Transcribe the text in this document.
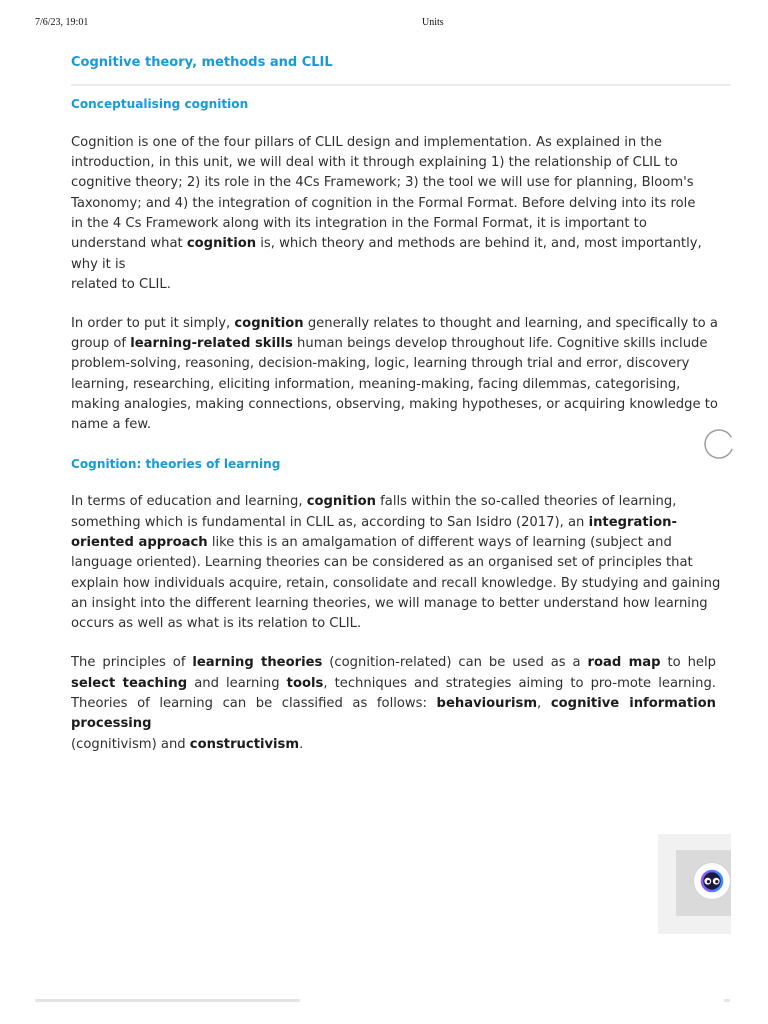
7/6/23, 19:01	Units
Cognitive theory, methods and CLIL
Conceptualising cognition
Cognition is one of the four pillars of CLIL design and implementation. As explained in the
introduction, in this unit, we will deal with it through explaining 1) the relationship of CLIL to
cognitive theory; 2) its role in the 4Cs Framework; 3) the tool we will use for planning, Bloom's
Taxonomy; and 4) the integration of cognition in the Formal Format. Before delving into its role
in the 4 Cs Framework along with its integration in the Formal Format, it is important to
understand what cognition is, which theory and methods are behind it, and, most importantly,
why it is
related to CLIL.
In order to put it simply, cognition generally relates to thought and learning, and specifically to a
group of learning-related skills human beings develop throughout life. Cognitive skills include
problem-solving, reasoning, decision-making, logic, learning through trial and error, discovery
learning, researching, eliciting information, meaning-making, facing dilemmas, categorising,
making analogies, making connections, observing, making hypotheses, or acquiring knowledge to
name a few.
Cognition: theories of learning
In terms of education and learning, cognition falls within the so-called theories of learning,
something which is fundamental in CLIL as, according to San Isidro (2017), an integration-
oriented approach like this is an amalgamation of different ways of learning (subject and
language oriented). Learning theories can be considered as an organised set of principles that
explain how individuals acquire, retain, consolidate and recall knowledge. By studying and gaining
an insight into the different learning theories, we will manage to better understand how learning
occurs as well as what is its relation to CLIL.
The principles of learning theories (cognition-related) can be used as a road map to help
select teaching and learning tools, techniques and strategies aiming to pro-mote learning.
Theories of learning can be classified as follows: behaviourism, cognitive information
processing
(cognitivism) and constructivism.
